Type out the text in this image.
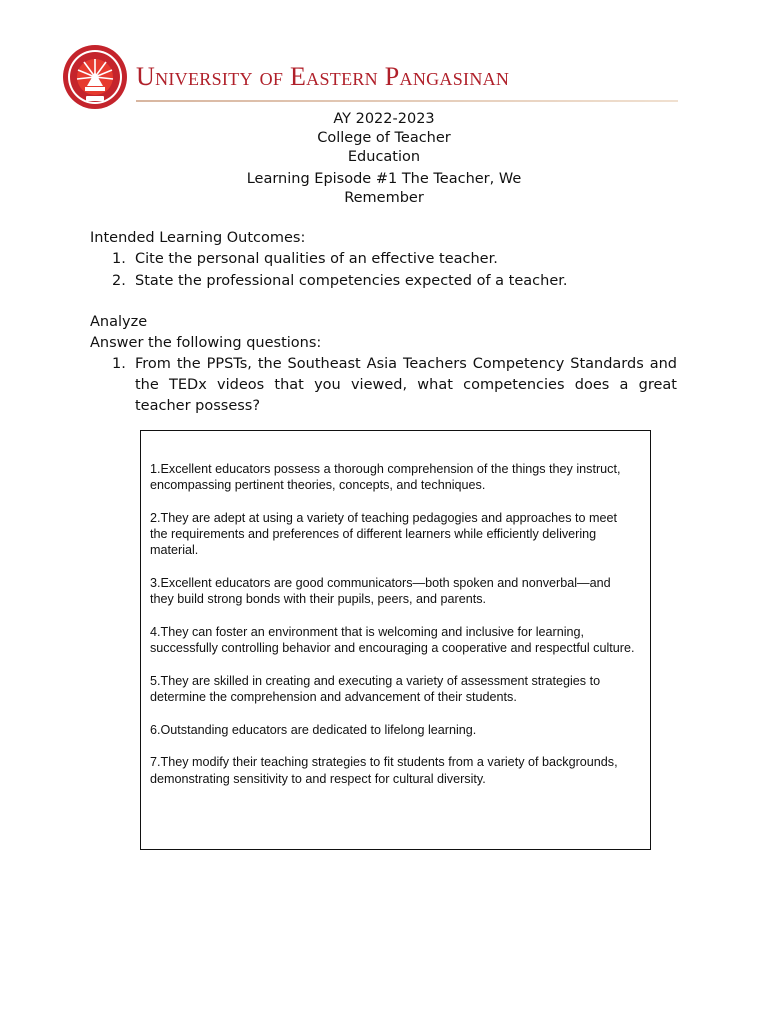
University of Eastern Pangasinan
AY 2022-2023
College of Teacher
Education
Learning Episode #1 The Teacher, We
Remember
Intended Learning Outcomes:
1. Cite the personal qualities of an effective teacher.
2. State the professional competencies expected of a teacher.
Analyze
Answer the following questions:
1. From the PPSTs, the Southeast Asia Teachers Competency Standards and the TEDx videos that you viewed, what competencies does a great teacher possess?

1.Excellent educators possess a thorough comprehension of the things they instruct, encompassing pertinent theories, concepts, and techniques.

2.They are adept at using a variety of teaching pedagogies and approaches to meet the requirements and preferences of different learners while efficiently delivering material.

3.Excellent educators are good communicators—both spoken and nonverbal—and they build strong bonds with their pupils, peers, and parents.

4.They can foster an environment that is welcoming and inclusive for learning, successfully controlling behavior and encouraging a cooperative and respectful culture.

5.They are skilled in creating and executing a variety of assessment strategies to determine the comprehension and advancement of their students.

6.Outstanding educators are dedicated to lifelong learning.

7.They modify their teaching strategies to fit students from a variety of backgrounds, demonstrating sensitivity to and respect for cultural diversity.
